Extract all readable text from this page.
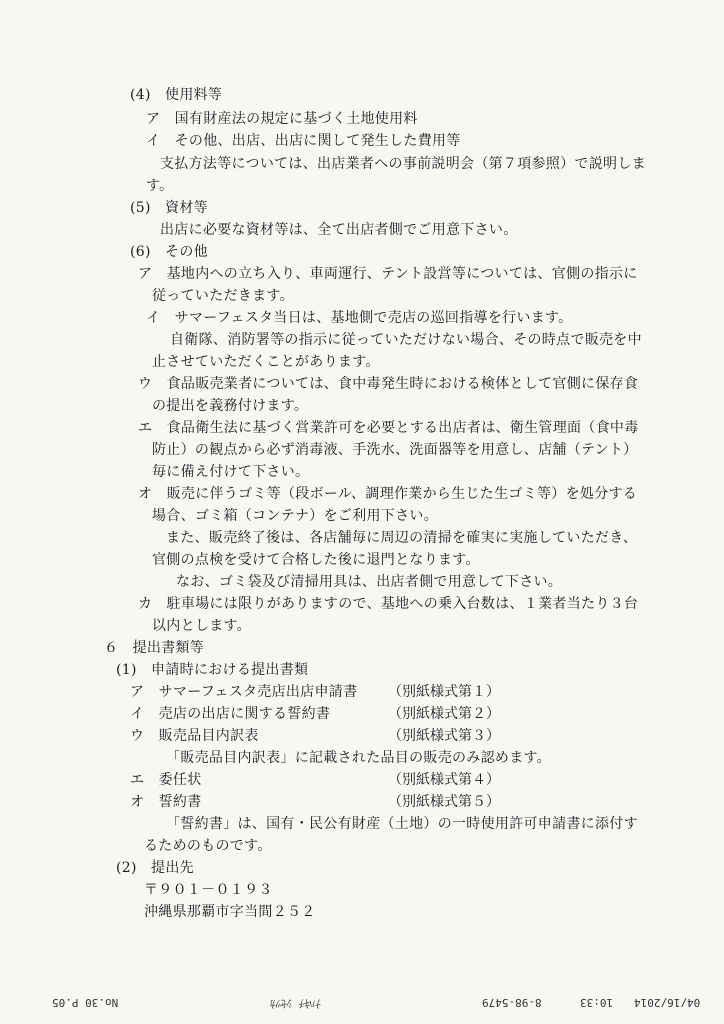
(4)　使用料等
ア　国有財産法の規定に基づく土地使用料
イ　その他、出店、出店に関して発生した費用等
支払方法等については、出店業者への事前説明会（第７項参照）で説明しま
す。
(5)　資材等
出店に必要な資材等は、全て出店者側でご用意下さい。
(6)　その他
ア　基地内への立ち入り、車両運行、テント設営等については、官側の指示に
従っていただきます。
イ　サマーフェスタ当日は、基地側で売店の巡回指導を行います。
自衛隊、消防署等の指示に従っていただけない場合、その時点で販売を中
止させていただくことがあります。
ウ　食品販売業者については、食中毒発生時における検体として官側に保存食
の提出を義務付けます。
エ　食品衛生法に基づく営業許可を必要とする出店者は、衛生管理面（食中毒
防止）の観点から必ず消毒液、手洗水、洗面器等を用意し、店舗（テント）
毎に備え付けて下さい。
オ　販売に伴うゴミ等（段ボール、調理作業から生じた生ゴミ等）を処分する
場合、ゴミ箱（コンテナ）をご利用下さい。
また、販売終了後は、各店舗毎に周辺の清掃を確実に実施していただき、
官側の点検を受けて合格した後に退門となります。
なお、ゴミ袋及び清掃用具は、出店者側で用意して下さい。
カ　駐車場には限りがありますので、基地への乗入台数は、１業者当たり３台
以内とします。
６　提出書類等
(1)　申請時における提出書類
ア　サマーフェスタ売店出店申請書 （別紙様式第１）
イ　売店の出店に関する誓約書	（別紙様式第２）
ウ　販売品目内訳表	（別紙様式第３）
「販売品目内訳表」に記載された品目の販売のみ認めます。
エ　委任状	（別紙様式第４）
オ　誓約書	（別紙様式第５）
「誓約書」は、国有・民公有財産（土地）の一時使用許可申請書に添付す
るためのものです。
(2)　提出先
〒９０１－０１９３
沖縄県那覇市字当間２５２
No.30 P.05	ﾅﾊｷﾁ ｼｾﾂｶ	8-98-5479	10:33 04/16/2014
